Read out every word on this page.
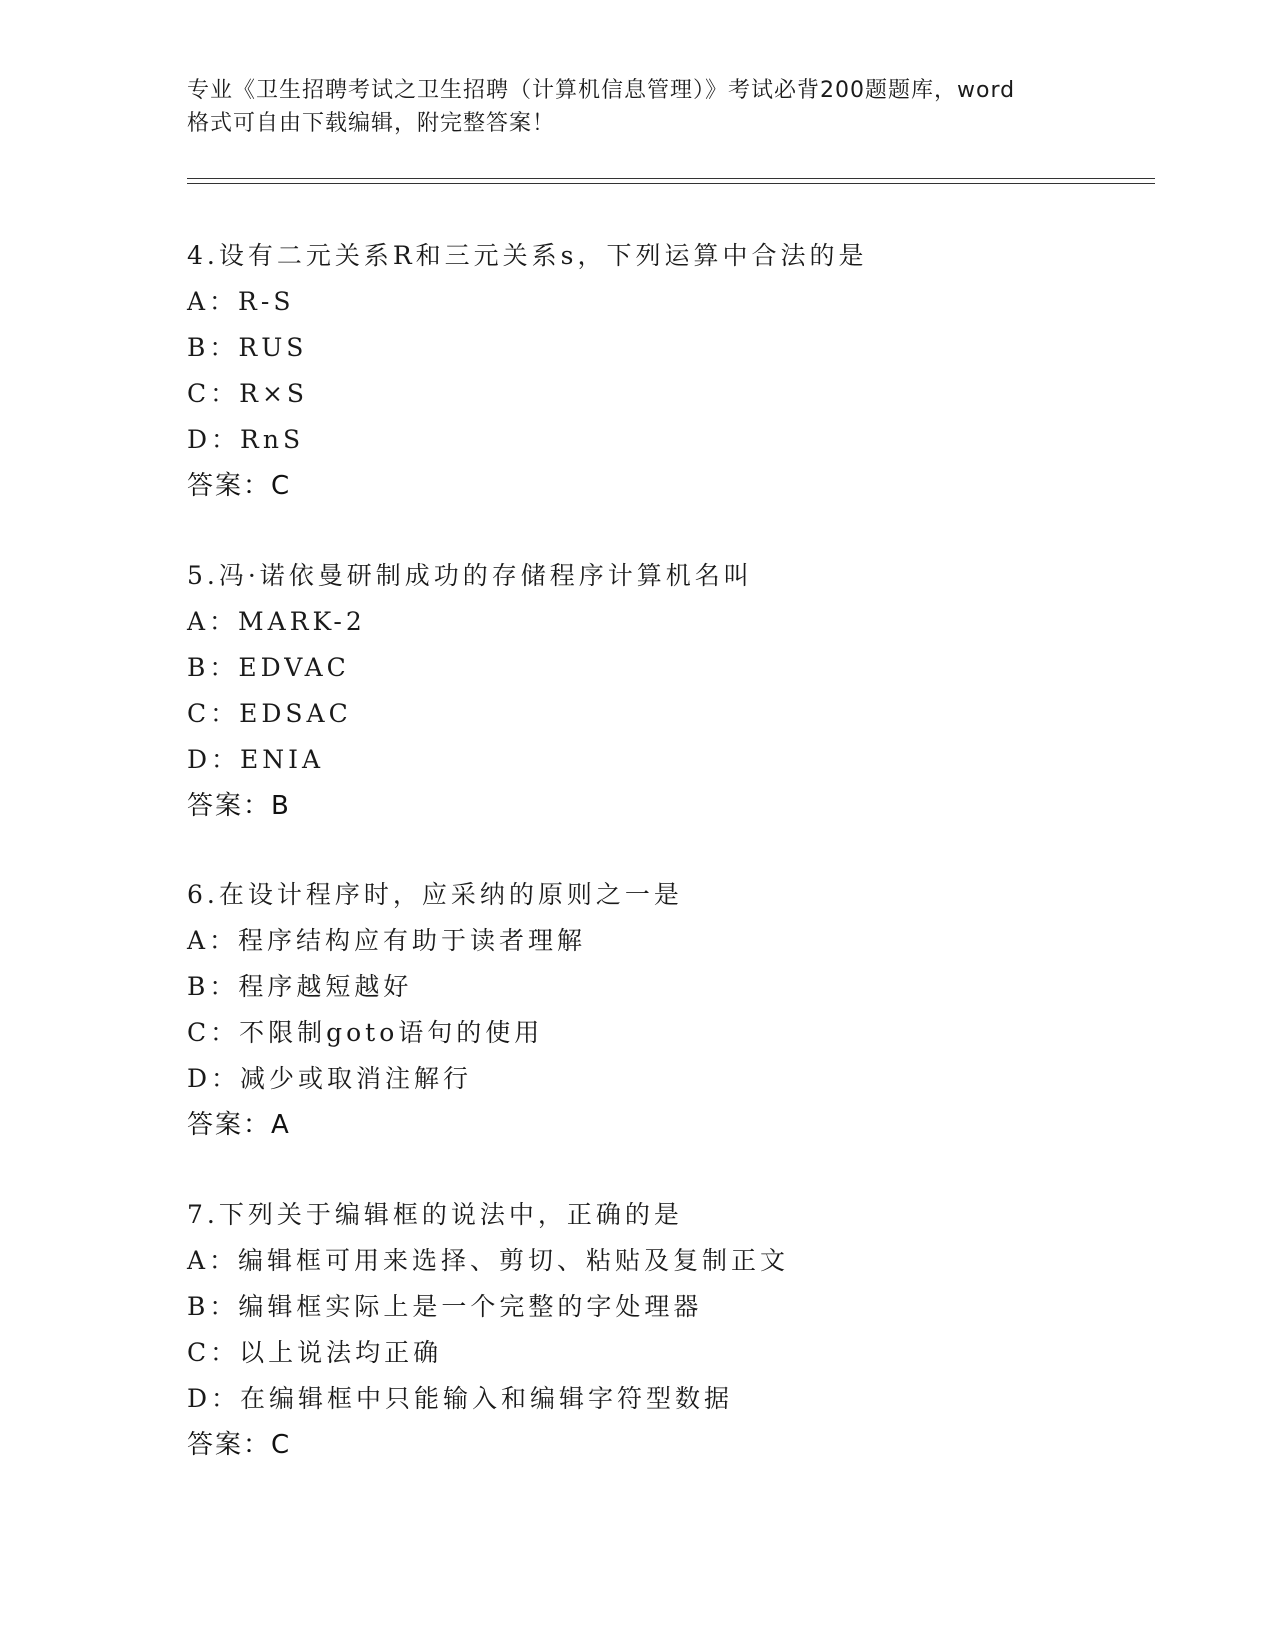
专业《卫生招聘考试之卫生招聘（计算机信息管理）》考试必背200题题库，word
格式可自由下载编辑，附完整答案！
4.设有二元关系R和三元关系s，下列运算中合法的是
A：R-S
B：RUS
C：R×S
D：RnS
答案：C
5.冯·诺依曼研制成功的存储程序计算机名叫
A：MARK-2
B：EDVAC
C：EDSAC
D：ENIA
答案：B
6.在设计程序时，应采纳的原则之一是
A：程序结构应有助于读者理解
B：程序越短越好
C：不限制goto语句的使用
D：减少或取消注解行
答案：A
7.下列关于编辑框的说法中，正确的是
A：编辑框可用来选择、剪切、粘贴及复制正文
B：编辑框实际上是一个完整的字处理器
C：以上说法均正确
D：在编辑框中只能输入和编辑字符型数据
答案：C
